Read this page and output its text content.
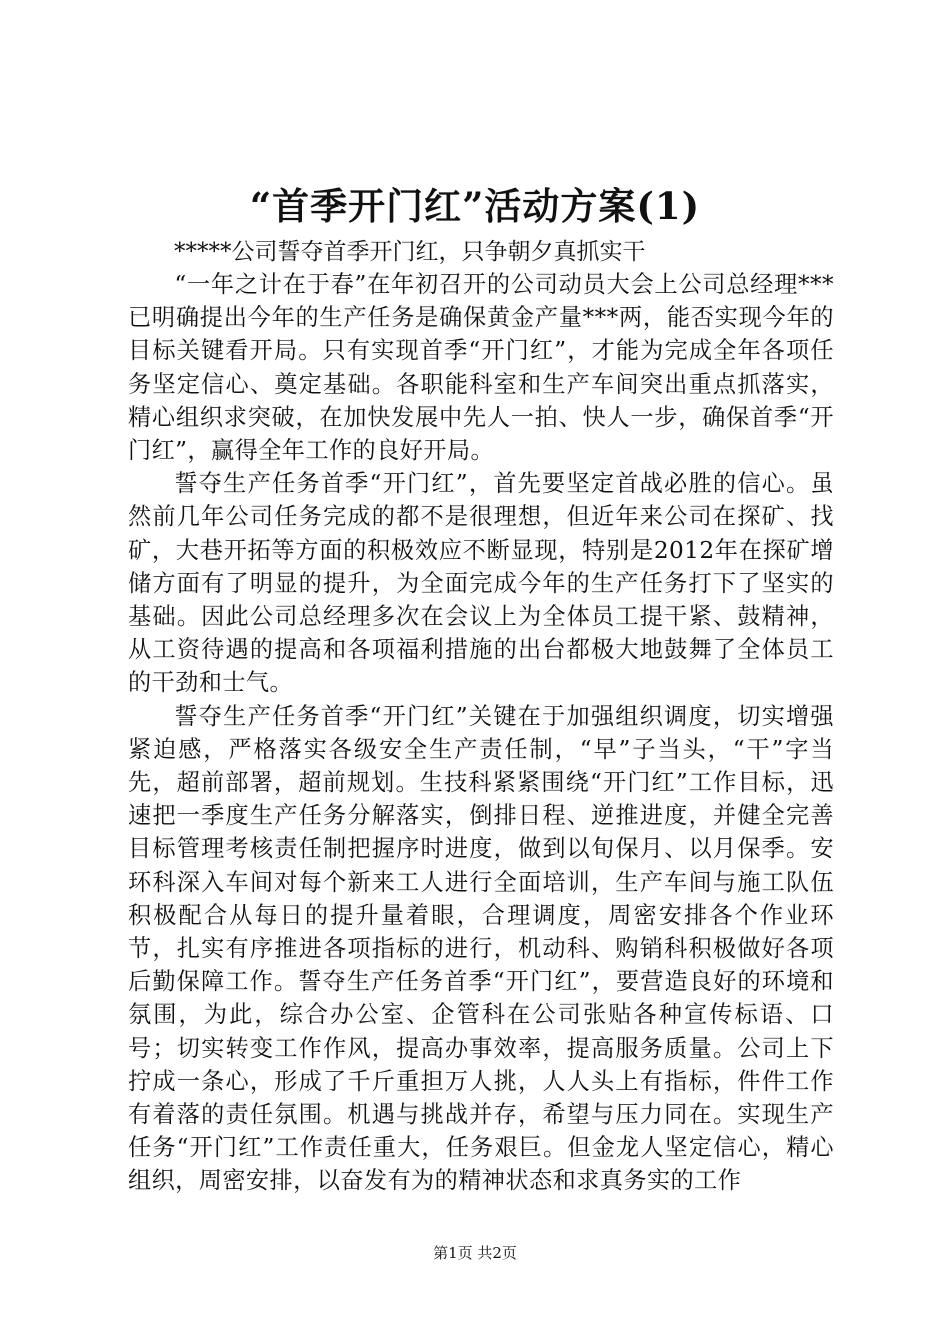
“首季开门红”活动方案(1)

*****公司誓夺首季开门红，只争朝夕真抓实干

“一年之计在于春”在年初召开的公司动员大会上公司总经理***已明确提出今年的生产任务是确保黄金产量***两，能否实现今年的目标关键看开局。只有实现首季“开门红”，才能为完成全年各项任务坚定信心、奠定基础。各职能科室和生产车间突出重点抓落实，精心组织求突破，在加快发展中先人一拍、快人一步，确保首季“开门红”，赢得全年工作的良好开局。

誓夺生产任务首季“开门红”，首先要坚定首战必胜的信心。虽然前几年公司任务完成的都不是很理想，但近年来公司在探矿、找矿，大巷开拓等方面的积极效应不断显现，特别是2012年在探矿增储方面有了明显的提升，为全面完成今年的生产任务打下了坚实的基础。因此公司总经理多次在会议上为全体员工提干紧、鼓精神，从工资待遇的提高和各项福利措施的出台都极大地鼓舞了全体员工的干劲和士气。

誓夺生产任务首季“开门红”关键在于加强组织调度，切实增强紧迫感，严格落实各级安全生产责任制，“早”子当头，“干”字当先，超前部署，超前规划。生技科紧紧围绕“开门红”工作目标，迅速把一季度生产任务分解落实，倒排日程、逆推进度，并健全完善目标管理考核责任制把握序时进度，做到以旬保月、以月保季。安环科深入车间对每个新来工人进行全面培训，生产车间与施工队伍积极配合从每日的提升量着眼，合理调度，周密安排各个作业环节，扎实有序推进各项指标的进行，机动科、购销科积极做好各项后勤保障工作。誓夺生产任务首季“开门红”，要营造良好的环境和氛围，为此，综合办公室、企管科在公司张贴各种宣传标语、口号；切实转变工作作风，提高办事效率，提高服务质量。公司上下拧成一条心，形成了千斤重担万人挑，人人头上有指标，件件工作有着落的责任氛围。机遇与挑战并存，希望与压力同在。实现生产任务“开门红”工作责任重大，任务艰巨。但金龙人坚定信心，精心组织，周密安排，以奋发有为的精神状态和求真务实的工作

第1页 共2页
